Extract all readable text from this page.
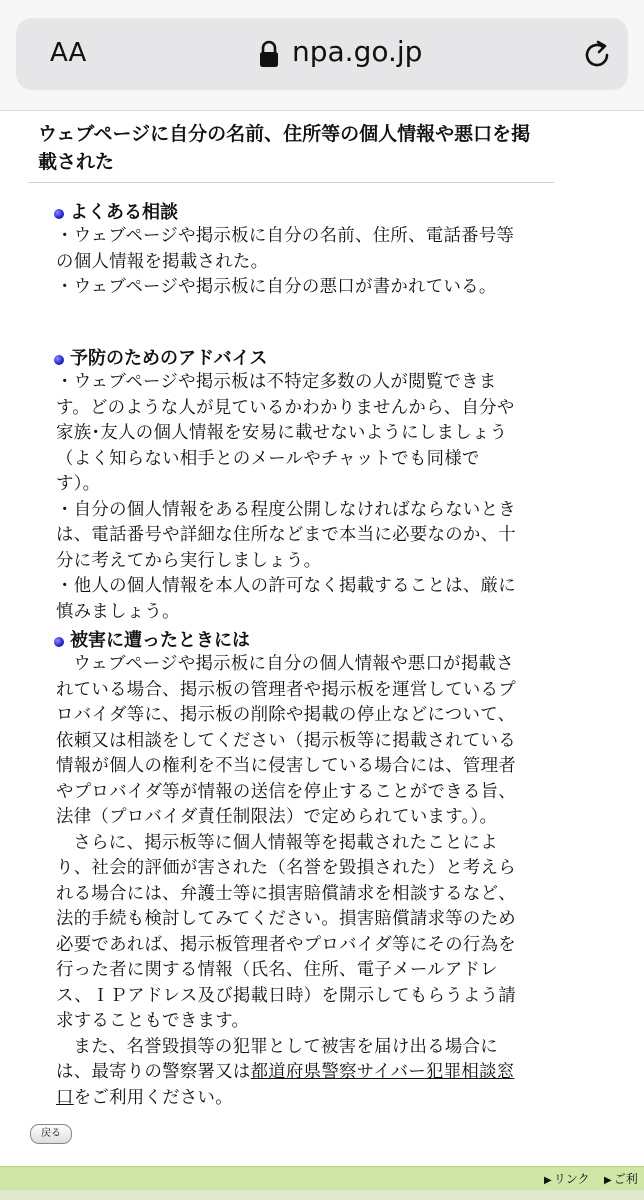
AA	npa.go.jp
ウェブページに自分の名前、住所等の個人情報や悪口を掲載された
よくある相談

・ウェブページや掲示板に自分の名前、住所、電話番号等の個人情報を掲載された。

・ウェブページや掲示板に自分の悪口が書かれている。

予防のためのアドバイス

・ウェブページや掲示板は不特定多数の人が閲覧できます。どのような人が見ているかわかりませんから、自分や家族･友人の個人情報を安易に載せないようにしましょう（よく知らない相手とのメールやチャットでも同様です）。

・自分の個人情報をある程度公開しなければならないときは、電話番号や詳細な住所などまで本当に必要なのか、十分に考えてから実行しましょう。

・他人の個人情報を本人の許可なく掲載することは、厳に慎みましょう。

被害に遭ったときには

ウェブページや掲示板に自分の個人情報や悪口が掲載されている場合、掲示板の管理者や掲示板を運営しているプロバイダ等に、掲示板の削除や掲載の停止などについて、依頼又は相談をしてください（掲示板等に掲載されている情報が個人の権利を不当に侵害している場合には、管理者やプロバイダ等が情報の送信を停止することができる旨、法律（プロバイダ責任制限法）で定められています。）。

さらに、掲示板等に個人情報等を掲載されたことにより、社会的評価が害された（名誉を毀損された）と考えられる場合には、弁護士等に損害賠償請求を相談するなど、法的手続も検討してみてください。損害賠償請求等のため必要であれば、掲示板管理者やプロバイダ等にその行為を行った者に関する情報（氏名、住所、電子メールアドレス、ＩＰアドレス及び掲載日時）を開示してもらうよう請求することもできます。

また、名誉毀損等の犯罪として被害を届け出る場合には、最寄りの警察署又は都道府県警察サイバー犯罪相談窓口をご利用ください。

戻る
▶ リンク ▶ ご利
